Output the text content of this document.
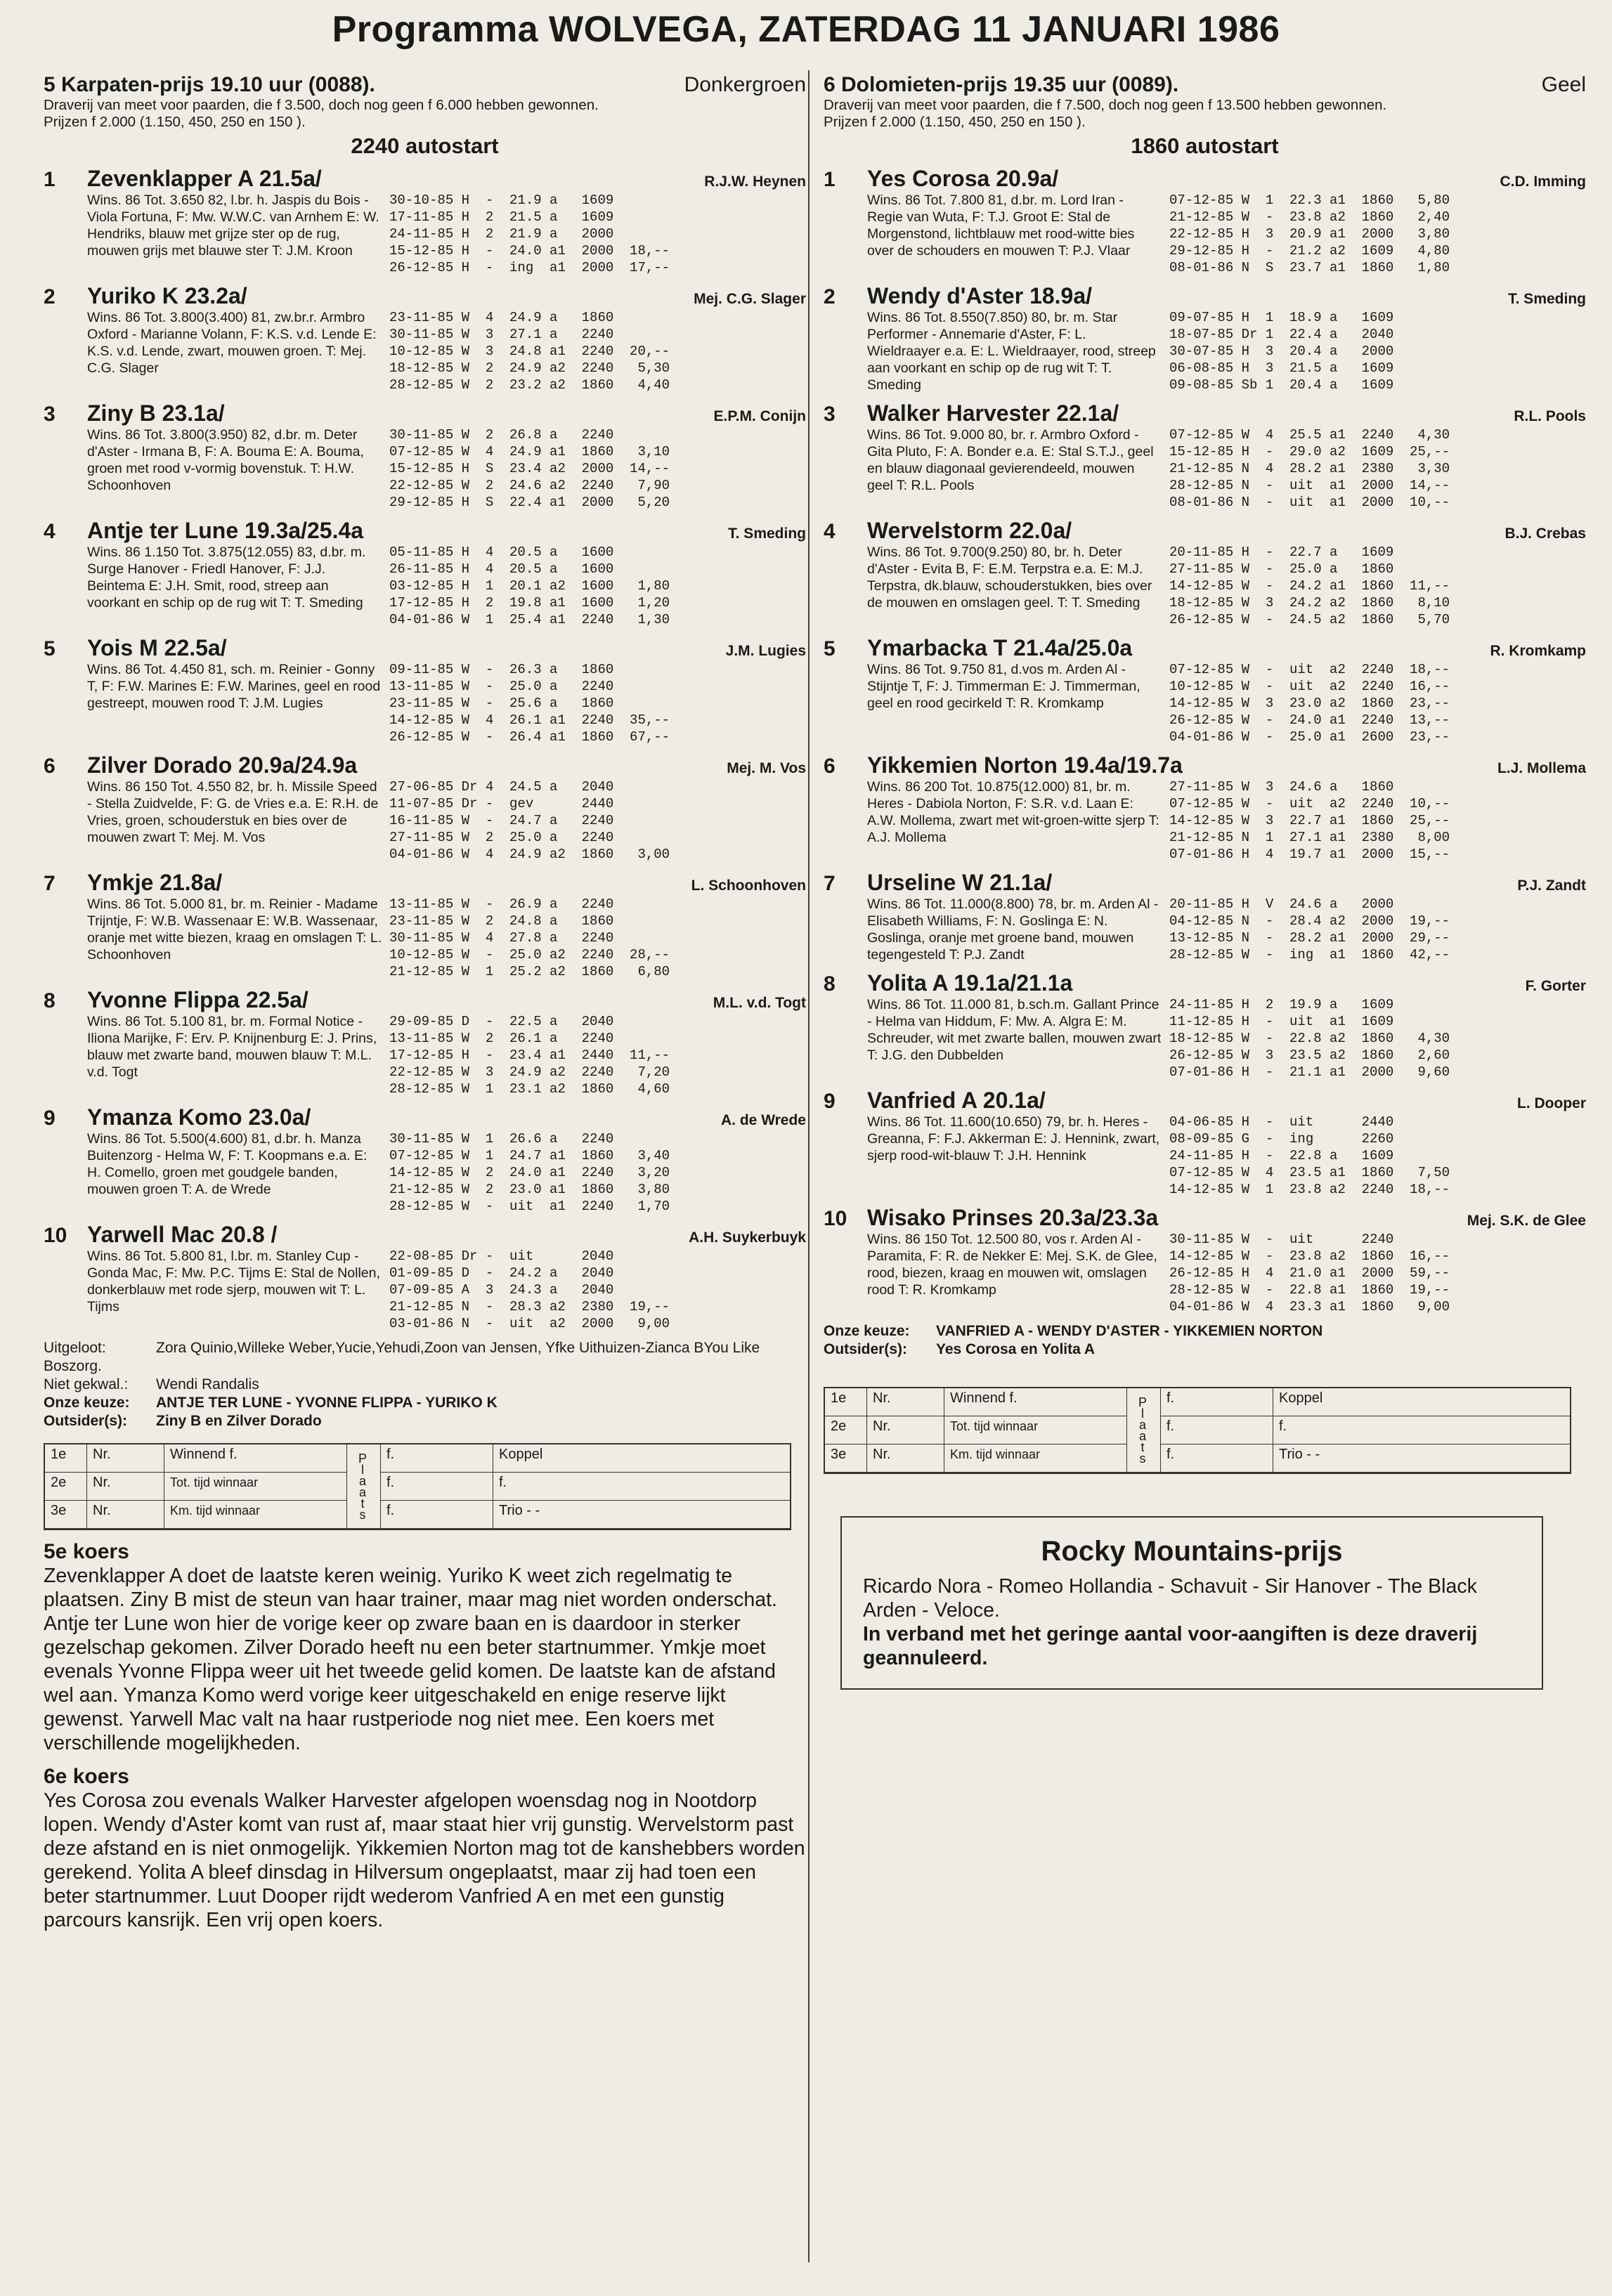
Programma WOLVEGA, ZATERDAG 11 JANUARI 1986
5 Karpaten-prijs 19.10 uur (0088).	Donkergroen
Draverij van meet voor paarden, die f 3.500, doch nog geen f 6.000 hebben gewonnen.
Prijzen f 2.000 (1.150, 450, 250 en 150 ).
2240 autostart
1	Zevenklapper A 21.5a/	R.J.W. Heynen
Wins. 86 Tot. 3.650 82, l.br. h. Jaspis du Bois - Viola Fortuna, F: Mw. W.W.C. van Arnhem E: W. Hendriks, blauw met grijze ster op de rug, mouwen grijs met blauwe ster T: J.M. Kroon
30-10-85 H  -  21.9 a   1609
17-11-85 H  2  21.5 a   1609
24-11-85 H  2  21.9 a   2000
15-12-85 H  -  24.0 a1  2000  18,--
26-12-85 H  -  ing  a1  2000  17,--
2	Yuriko K 23.2a/	Mej. C.G. Slager
Wins. 86 Tot. 3.800(3.400) 81, zw.br.r. Armbro Oxford - Marianne Volann, F: K.S. v.d. Lende E: K.S. v.d. Lende, zwart, mouwen groen. T: Mej. C.G. Slager
23-11-85 W  4  24.9 a   1860
30-11-85 W  3  27.1 a   2240
10-12-85 W  3  24.8 a1  2240  20,--
18-12-85 W  2  24.9 a2  2240   5,30
28-12-85 W  2  23.2 a2  1860   4,40
3	Ziny B 23.1a/	E.P.M. Conijn
Wins. 86 Tot. 3.800(3.950) 82, d.br. m. Deter d'Aster - Irmana B, F: A. Bouma E: A. Bouma, groen met rood v-vormig bovenstuk. T: H.W. Schoonhoven
30-11-85 W  2  26.8 a   2240
07-12-85 W  4  24.9 a1  1860   3,10
15-12-85 H  S  23.4 a2  2000  14,--
22-12-85 W  2  24.6 a2  2240   7,90
29-12-85 H  S  22.4 a1  2000   5,20
4	Antje ter Lune 19.3a/25.4a	T. Smeding
Wins. 86 1.150 Tot. 3.875(12.055) 83, d.br. m. Surge Hanover - Friedl Hanover, F: J.J. Beintema E: J.H. Smit, rood, streep aan voorkant en schip op de rug wit T: T. Smeding
05-11-85 H  4  20.5 a   1600
26-11-85 H  4  20.5 a   1600
03-12-85 H  1  20.1 a2  1600   1,80
17-12-85 H  2  19.8 a1  1600   1,20
04-01-86 W  1  25.4 a1  2240   1,30
5	Yois M 22.5a/	J.M. Lugies
Wins. 86 Tot. 4.450 81, sch. m. Reinier - Gonny T, F: F.W. Marines E: F.W. Marines, geel en rood gestreept, mouwen rood T: J.M. Lugies
09-11-85 W  -  26.3 a   1860
13-11-85 W  -  25.0 a   2240
23-11-85 W  -  25.6 a   1860
14-12-85 W  4  26.1 a1  2240  35,--
26-12-85 W  -  26.4 a1  1860  67,--
6	Zilver Dorado 20.9a/24.9a	Mej. M. Vos
Wins. 86 150 Tot. 4.550 82, br. h. Missile Speed - Stella Zuidvelde, F: G. de Vries e.a. E: R.H. de Vries, groen, schouderstuk en bies over de mouwen zwart T: Mej. M. Vos
27-06-85 Dr 4  24.5 a   2040
11-07-85 Dr -  gev      2440
16-11-85 W  -  24.7 a   2240
27-11-85 W  2  25.0 a   2240
04-01-86 W  4  24.9 a2  1860   3,00
7	Ymkje 21.8a/	L. Schoonhoven
Wins. 86 Tot. 5.000 81, br. m. Reinier - Madame Trijntje, F: W.B. Wassenaar E: W.B. Wassenaar, oranje met witte biezen, kraag en omslagen T: L. Schoonhoven
13-11-85 W  -  26.9 a   2240
23-11-85 W  2  24.8 a   1860
30-11-85 W  4  27.8 a   2240
10-12-85 W  -  25.0 a2  2240  28,--
21-12-85 W  1  25.2 a2  1860   6,80
8	Yvonne Flippa 22.5a/	M.L. v.d. Togt
Wins. 86 Tot. 5.100 81, br. m. Formal Notice - Iliona Marijke, F: Erv. P. Knijnenburg E: J. Prins, blauw met zwarte band, mouwen blauw T: M.L. v.d. Togt
29-09-85 D  -  22.5 a   2040
13-11-85 W  2  26.1 a   2240
17-12-85 H  -  23.4 a1  2440  11,--
22-12-85 W  3  24.9 a2  2240   7,20
28-12-85 W  1  23.1 a2  1860   4,60
9	Ymanza Komo 23.0a/	A. de Wrede
Wins. 86 Tot. 5.500(4.600) 81, d.br. h. Manza Buitenzorg - Helma W, F: T. Koopmans e.a. E: H. Comello, groen met goudgele banden, mouwen groen T: A. de Wrede
30-11-85 W  1  26.6 a   2240
07-12-85 W  1  24.7 a1  1860   3,40
14-12-85 W  2  24.0 a1  2240   3,20
21-12-85 W  2  23.0 a1  1860   3,80
28-12-85 W  -  uit  a1  2240   1,70
10 Yarwell Mac 20.8 /	A.H. Suykerbuyk
Wins. 86 Tot. 5.800 81, l.br. m. Stanley Cup - Gonda Mac, F: Mw. P.C. Tijms E: Stal de Nollen, donkerblauw met rode sjerp, mouwen wit T: L. Tijms
22-08-85 Dr -  uit      2040
01-09-85 D  -  24.2 a   2040
07-09-85 A  3  24.3 a   2040
21-12-85 N  -  28.3 a2  2380  19,--
03-01-86 N  -  uit  a2  2000   9,00
Uitgeloot:	Zora Quinio,Willeke Weber,Yucie,Yehudi,Zoon van Jensen, Yfke Uithuizen-Zianca BYou Like Boszorg.
Niet gekwal.: Wendi Randalis
Onze keuze: ANTJE TER LUNE - YVONNE FLIPPA - YURIKO K
Outsider(s): Ziny B en Zilver Dorado
1e	Nr.	Winnend f.	Plaats	f.	Koppel
2e	Nr.	Tot. tijd winnaar	f.	f.
3e	Nr.	Km. tijd winnaar	f.	Trio - -
5e koers
Zevenklapper A doet de laatste keren weinig. Yuriko K weet zich regelmatig te plaatsen. Ziny B mist de steun van haar trainer, maar mag niet worden onderschat. Antje ter Lune won hier de vorige keer op zware baan en is daardoor in sterker gezelschap gekomen. Zilver Dorado heeft nu een beter startnummer. Ymkje moet evenals Yvonne Flippa weer uit het tweede gelid komen. De laatste kan de afstand wel aan. Ymanza Komo werd vorige keer uitgeschakeld en enige reserve lijkt gewenst. Yarwell Mac valt na haar rustperiode nog niet mee. Een koers met verschillende mogelijkheden.
6e koers
Yes Corosa zou evenals Walker Harvester afgelopen woensdag nog in Nootdorp lopen. Wendy d'Aster komt van rust af, maar staat hier vrij gunstig. Wervelstorm past deze afstand en is niet onmogelijk. Yikkemien Norton mag tot de kanshebbers worden gerekend. Yolita A bleef dinsdag in Hilversum ongeplaatst, maar zij had toen een beter startnummer. Luut Dooper rijdt wederom Vanfried A en met een gunstig parcours kansrijk. Een vrij open koers.
6 Dolomieten-prijs 19.35 uur (0089).	Geel
Draverij van meet voor paarden, die f 7.500, doch nog geen f 13.500 hebben gewonnen.
Prijzen f 2.000 (1.150, 450, 250 en 150 ).
1860 autostart
1	Yes Corosa 20.9a/	C.D. Imming
Wins. 86 Tot. 7.800 81, d.br. m. Lord Iran - Regie van Wuta, F: T.J. Groot E: Stal de Morgenstond, lichtblauw met rood-witte bies over de schouders en mouwen T: P.J. Vlaar
07-12-85 W  1  22.3 a1  1860   5,80
21-12-85 W  -  23.8 a2  1860   2,40
22-12-85 H  3  20.9 a1  2000   3,80
29-12-85 H  -  21.2 a2  1609   4,80
08-01-86 N  S  23.7 a1  1860   1,80
2	Wendy d'Aster 18.9a/	T. Smeding
Wins. 86 Tot. 8.550(7.850) 80, br. m. Star Performer - Annemarie d'Aster, F: L. Wieldraayer e.a. E: L. Wieldraayer, rood, streep aan voorkant en schip op de rug wit T: T. Smeding
09-07-85 H  1  18.9 a   1609
18-07-85 Dr 1  22.4 a   2040
30-07-85 H  3  20.4 a   2000
06-08-85 H  3  21.5 a   1609
09-08-85 Sb 1  20.4 a   1609
3	Walker Harvester 22.1a/	R.L. Pools
Wins. 86 Tot. 9.000 80, br. r. Armbro Oxford - Gita Pluto, F: A. Bonder e.a. E: Stal S.T.J., geel en blauw diagonaal gevierendeeld, mouwen geel T: R.L. Pools
07-12-85 W  4  25.5 a1  2240   4,30
15-12-85 H  -  29.0 a2  1609  25,--
21-12-85 N  4  28.2 a1  2380   3,30
28-12-85 N  -  uit  a1  2000  14,--
08-01-86 N  -  uit  a1  2000  10,--
4	Wervelstorm 22.0a/	B.J. Crebas
Wins. 86 Tot. 9.700(9.250) 80, br. h. Deter d'Aster - Evita B, F: E.M. Terpstra e.a. E: M.J. Terpstra, dk.blauw, schouderstukken, bies over de mouwen en omslagen geel. T: T. Smeding
20-11-85 H  -  22.7 a   1609
27-11-85 W  -  25.0 a   1860
14-12-85 W  -  24.2 a1  1860  11,--
18-12-85 W  3  24.2 a2  1860   8,10
26-12-85 W  -  24.5 a2  1860   5,70
5	Ymarbacka T 21.4a/25.0a	R. Kromkamp
Wins. 86 Tot. 9.750 81, d.vos m. Arden Al - Stijntje T, F: J. Timmerman E: J. Timmerman, geel en rood gecirkeld T: R. Kromkamp
07-12-85 W  -  uit  a2  2240  18,--
10-12-85 W  -  uit  a2  2240  16,--
14-12-85 W  3  23.0 a2  1860  23,--
26-12-85 W  -  24.0 a1  2240  13,--
04-01-86 W  -  25.0 a1  2600  23,--
6	Yikkemien Norton 19.4a/19.7a	L.J. Mollema
Wins. 86 200 Tot. 10.875(12.000) 81, br. m. Heres - Dabiola Norton, F: S.R. v.d. Laan E: A.W. Mollema, zwart met wit-groen-witte sjerp T: A.J. Mollema
27-11-85 W  3  24.6 a   1860
07-12-85 W  -  uit  a2  2240  10,--
14-12-85 W  3  22.7 a1  1860  25,--
21-12-85 N  1  27.1 a1  2380   8,00
07-01-86 H  4  19.7 a1  2000  15,--
7	Urseline W 21.1a/	P.J. Zandt
Wins. 86 Tot. 11.000(8.800) 78, br. m. Arden Al - Elisabeth Williams, F: N. Goslinga E: N. Goslinga, oranje met groene band, mouwen tegengesteld T: P.J. Zandt
20-11-85 H  V  24.6 a   2000
04-12-85 N  -  28.4 a2  2000  19,--
13-12-85 N  -  28.2 a1  2000  29,--
28-12-85 W  -  ing  a1  1860  42,--
8	Yolita A 19.1a/21.1a	F. Gorter
Wins. 86 Tot. 11.000 81, b.sch.m. Gallant Prince - Helma van Hiddum, F: Mw. A. Algra E: M. Schreuder, wit met zwarte ballen, mouwen zwart T: J.G. den Dubbelden
24-11-85 H  2  19.9 a   1609
11-12-85 H  -  uit  a1  1609
18-12-85 W  -  22.8 a2  1860   4,30
26-12-85 W  3  23.5 a2  1860   2,60
07-01-86 H  -  21.1 a1  2000   9,60
9	Vanfried A 20.1a/	L. Dooper
Wins. 86 Tot. 11.600(10.650) 79, br. h. Heres - Greanna, F: F.J. Akkerman E: J. Hennink, zwart, sjerp rood-wit-blauw T: J.H. Hennink
04-06-85 H  -  uit      2440
08-09-85 G  -  ing      2260
24-11-85 H  -  22.8 a   1609
07-12-85 W  4  23.5 a1  1860   7,50
14-12-85 W  1  23.8 a2  2240  18,--
10 Wisako Prinses 20.3a/23.3a	Mej. S.K. de Glee
Wins. 86 150 Tot. 12.500 80, vos r. Arden Al - Paramita, F: R. de Nekker E: Mej. S.K. de Glee, rood, biezen, kraag en mouwen wit, omslagen rood T: R. Kromkamp
30-11-85 W  -  uit      2240
14-12-85 W  -  23.8 a2  1860  16,--
26-12-85 H  4  21.0 a1  2000  59,--
28-12-85 W  -  22.8 a1  1860  19,--
04-01-86 W  4  23.3 a1  1860   9,00
Onze keuze: VANFRIED A - WENDY D'ASTER - YIKKEMIEN NORTON
Outsider(s): Yes Corosa en Yolita A
1e	Nr.	Winnend f.	Plaats	f.	Koppel
2e	Nr.	Tot. tijd winnaar	f.	f.
3e	Nr.	Km. tijd winnaar	f.	Trio - -
Rocky Mountains-prijs
Ricardo Nora - Romeo Hollandia - Schavuit - Sir Hanover - The Black Arden - Veloce.
In verband met het geringe aantal voor-aangiften is deze draverij geannuleerd.
